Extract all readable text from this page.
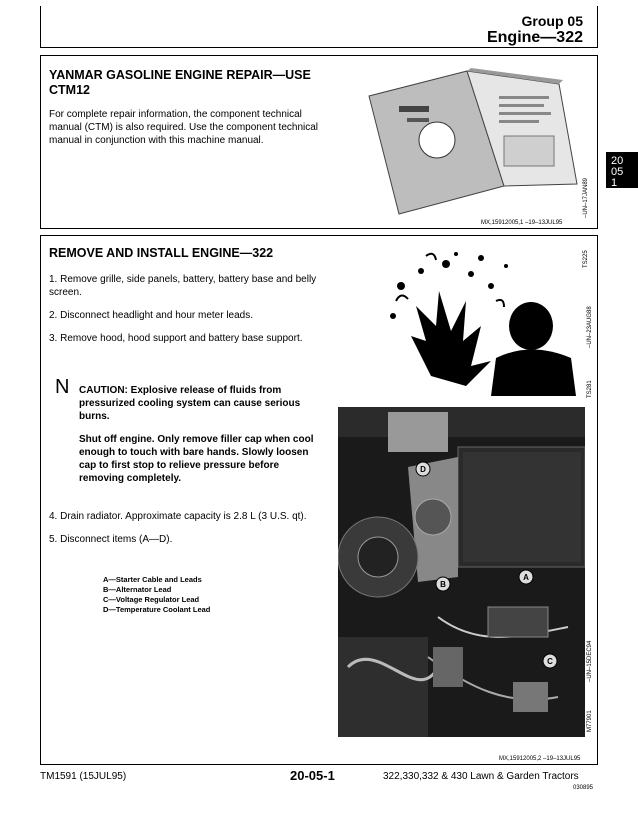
Group 05
Engine—322
20
05
1
YANMAR GASOLINE ENGINE REPAIR—USE CTM12

For complete repair information, the component technical manual (CTM) is also required. Use the component technical manual in conjunction with this machine manual.

–UN–17JAN89
TS225
MX,15912005,1 –19–13JUL95
REMOVE AND INSTALL ENGINE—322

1. Remove grille, side panels, battery, battery base and belly screen.

2. Disconnect headlight and hour meter leads.

3. Remove hood, hood support and battery base support.

N CAUTION: Explosive release of fluids from pressurized cooling system can cause serious burns.

Shut off engine. Only remove filler cap when cool enough to touch with bare hands. Slowly loosen cap to first stop to relieve pressure before removing completely.

4. Drain radiator. Approximate capacity is 2.8 L (3 U.S. qt).

5. Disconnect items (A—D).

A—Starter Cable and Leads
B—Alternator Lead
C—Voltage Regulator Lead
D—Temperature Coolant Lead
–UN–23AUG88
TS281
D
B
A
C	–UN–15DEC94
M77901
MX,15912005,2 –19–13JUL95
TM1591 (15JUL95)	20-05-1	322,330,332 & 430 Lawn & Garden Tractors
030895
